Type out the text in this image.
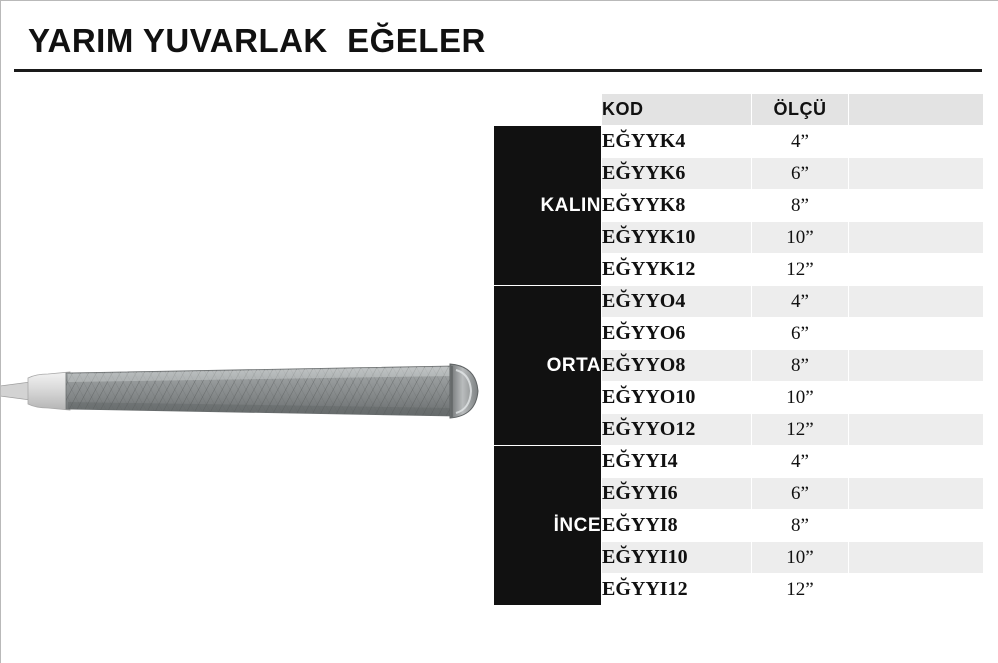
YARIM YUVARLAK  EĞELER
	KOD	ÖLÇÜ	
KALIN	EĞYYK4	4”	
	EĞYYK6	6”	
	EĞYYK8	8”	
	EĞYYK10	10”	
	EĞYYK12	12”	
ORTA	EĞYYO4	4”	
	EĞYYO6	6”	
	EĞYYO8	8”	
	EĞYYO10	10”	
	EĞYYO12	12”	
İNCE	EĞYYI4	4”	
	EĞYYI6	6”	
	EĞYYI8	8”	
	EĞYYI10	10”	
	EĞYYI12	12”	
